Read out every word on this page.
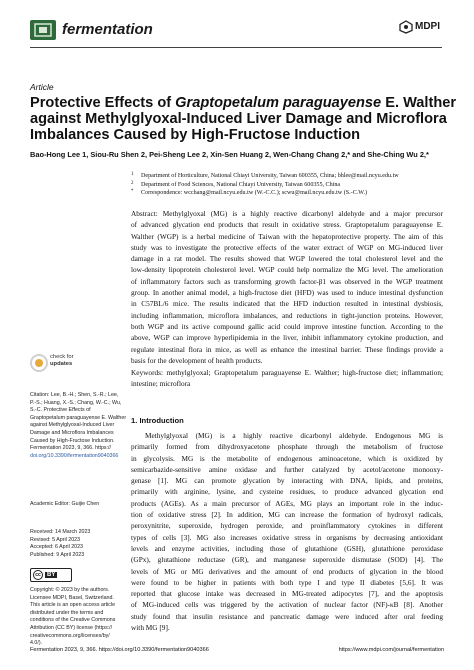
fermentation	MDPI
Article
Protective Effects of Graptopetalum paraguayense E. Walther
against Methylglyoxal-Induced Liver Damage and Microflora
Imbalances Caused by High-Fructose Induction
Bao-Hong Lee 1, Siou-Ru Shen 2, Pei-Sheng Lee 2, Xin-Sen Huang 2, Wen-Chang Chang 2,* and She-Ching Wu 2,*
1 Department of Horticulture, National Chiayi University, Taiwan 600355, China; bhlee@mail.ncyu.edu.tw
2 Department of Food Sciences, National Chiayi University, Taiwan 600355, China
* Correspondence: wcchang@mail.ncyu.edu.tw (W.-C.C.); scwu@mail.ncyu.edu.tw (S.-C.W.)
Abstract: Methylglyoxal (MG) is a highly reactive dicarbonyl aldehyde and a major precursor
of advanced glycation end products that result in oxidative stress. Graptopetalum paraguayense E.
Walther (WGP) is a herbal medicine of Taiwan with the hepatoprotective property. The aim of this
study was to investigate the protective effects of the water extract of WGP on MG-induced liver
damage in a rat model. The results showed that WGP lowered the total cholesterol level and the
low-density lipoprotein cholesterol level. WGP could help normalize the MG level. The amelioration
of inflammatory factors such as transforming growth factor-β1 was observed in the WGP treatment
group. In another animal model, a high-fructose diet (HFD) was used to induce intestinal dysfunction
in C57BL/6 mice. The results indicated that the HFD induction resulted in intestinal dysbiosis,
including inflammation, microflora imbalances, and reductions in tight-junction proteins. However,
both WGP and its active compound gallic acid could improve intestine function. According to the
above, WGP can improve hyperlipidemia in the liver, inhibit inflammatory cytokine production, and
regulate intestinal flora in mice, as well as enhance the intestinal barrier. These findings provide a
basis for the development of health products.
Keywords: methylglyoxal; Graptopetalum paraguayense E. Walther; high-fructose diet; inflammation;
intestine; microflora
1. Introduction
Methylglyoxal (MG) is a highly reactive dicarbonyl aldehyde. Endogenous MG is
primarily formed from dihydroxyacetone phosphate through the metabolism of fructose
in glycolysis. MG is the metabolite of endogenous aminoacetone, which is oxidized by
semicarbazide-sensitive amine oxidase and further catalyzed by acetol/acetone monooxy-
genase [1]. MG can promote glycation by interacting with DNA, lipids, and proteins,
primarily with arginine, lysine, and cysteine residues, to produce advanced glycation end
products (AGEs). As a main precursor of AGEs, MG plays an important role in the induc-
tion of oxidative stress [2]. In addition, MG can increase the formation of hydroxyl radicals,
peroxynitrite, superoxide, hydrogen peroxide, and proinflammatory cytokines in different
types of cells [3]. MG also increases oxidative stress in organisms by decreasing antioxidant
levels and enzyme activities, including those of glutathione (GSH), glutathione peroxidase
(GPx), glutathione reductase (GR), and manganese superoxide dismutase (SOD) [4]. The
levels of MG or MG derivatives and the amount of end products of glycation in the blood
were found to be higher in patients with both type I and type II diabetes [5,6]. It was
reported that glucose intake was decreased in MG-treated adipocytes [7], and the apoptosis
of MG-induced cells was triggered by the activation of nuclear factor (NF)-κB [8]. Another
study found that insulin resistance and pancreatic damage were induced after oral feeding
with MG [9].
check for
updates
Citation: Lee, B.-H.; Shen, S.-R.; Lee,
P.-S.; Huang, X.-S.; Chang, W.-C.; Wu,
S.-C. Protective Effects of
Graptopetalum paraguayense E. Walther
against Methylglyoxal-Induced Liver
Damage and Microflora Imbalances
Caused by High-Fructose Induction.
Fermentation 2023, 9, 366. https://
doi.org/10.3390/fermentation9040366
Academic Editor: Guijie Chen
Received: 14 March 2023
Revised: 5 April 2023
Accepted: 6 April 2023
Published: 9 April 2023
cc	BY
Copyright: © 2023 by the authors.
Licensee MDPI, Basel, Switzerland.
This article is an open access article
distributed under the terms and
conditions of the Creative Commons
Attribution (CC BY) license (https://
creativecommons.org/licenses/by/
4.0/).
Fermentation 2023, 9, 366. https://doi.org/10.3390/fermentation9040366	https://www.mdpi.com/journal/fermentation
